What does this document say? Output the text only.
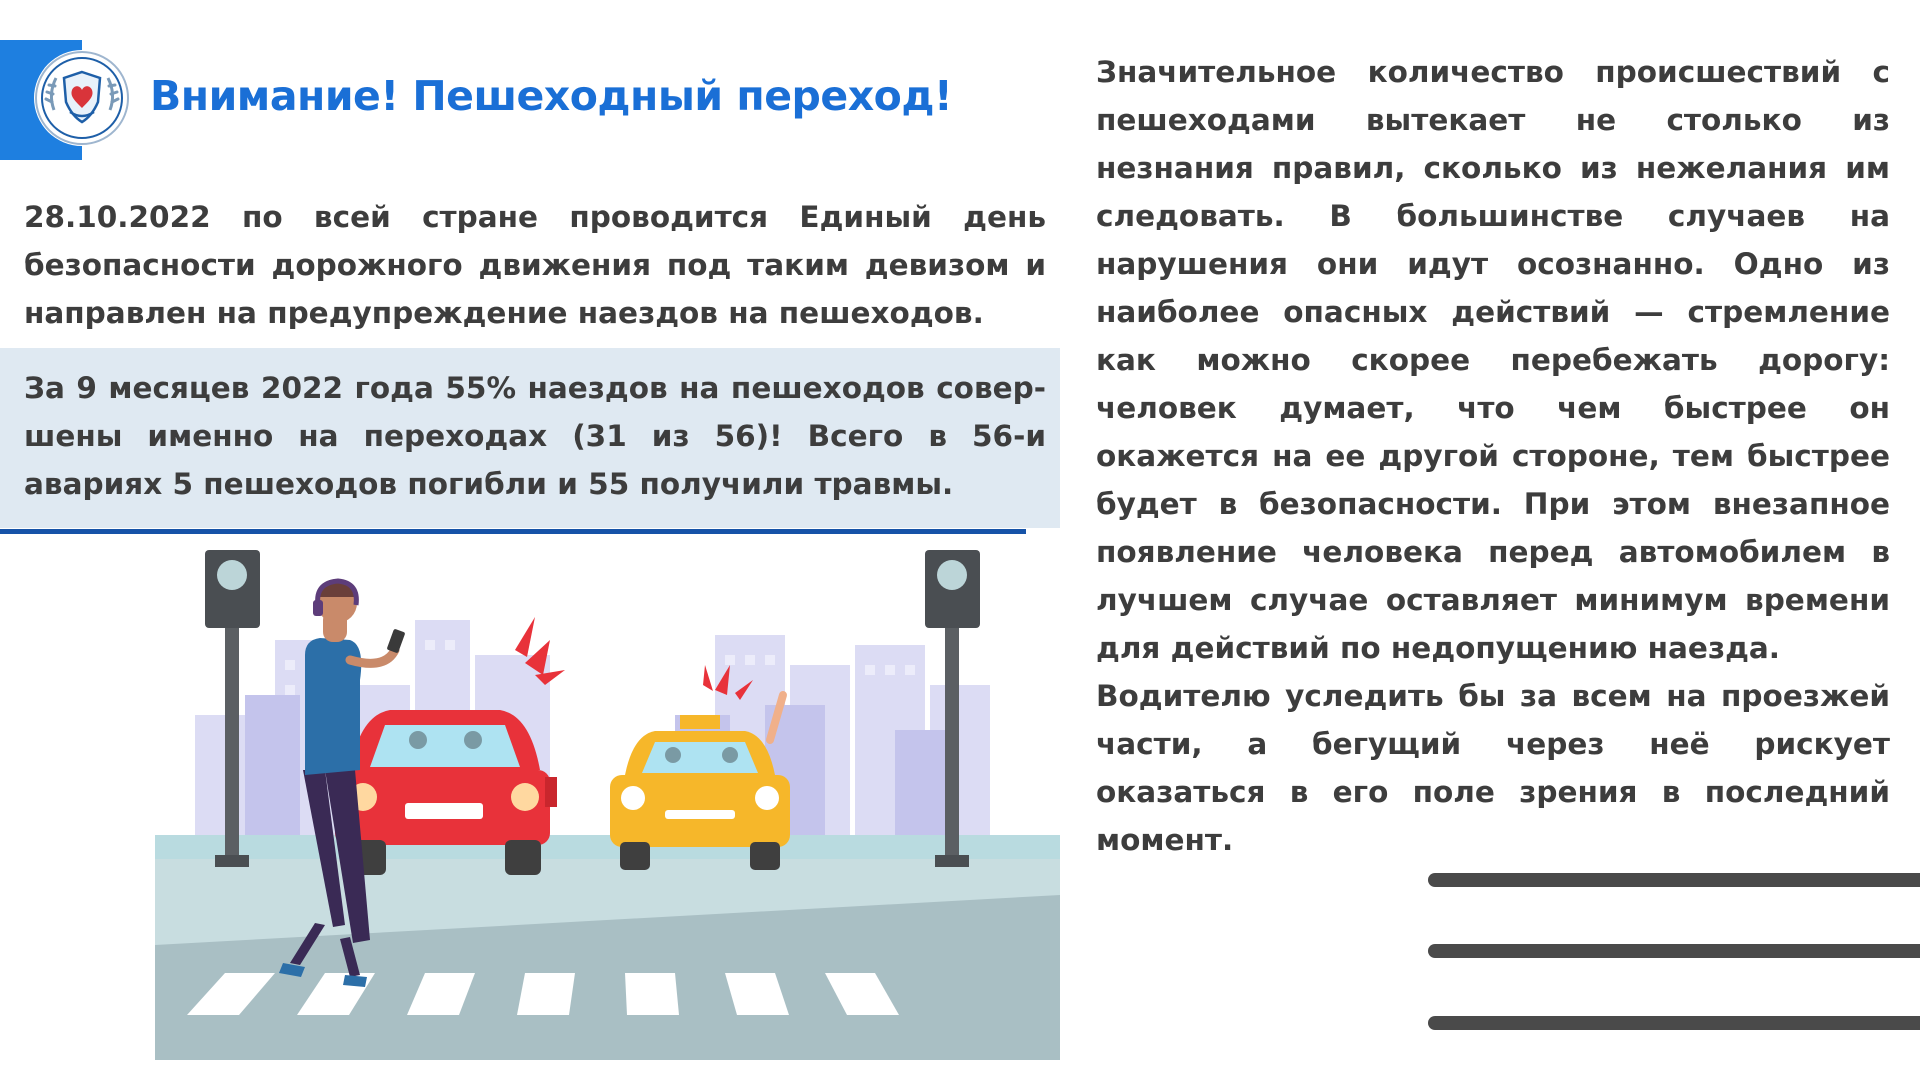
Внимание! Пешеходный переход!

28.10.2022 по всей стране проводится Единый день безопасности дорожного движения под таким девизом и направлен на предупреждение наездов на пешеходов.

За 9 месяцев 2022 года 55% наездов на пешеходов совер- шены именно на переходах (31 из 56)! Всего в 56-и авариях 5 пешеходов погибли и 55 получили травмы.

Значительное количество происшествий с пешеходами вытекает не столько из незнания правил, сколько из нежелания им следовать. В большинстве случаев на нарушения они идут осознанно. Одно из наиболее опасных действий — стремление как можно скорее перебежать дорогу: человек думает, что чем быстрее он окажется на ее другой стороне, тем быстрее будет в безопасности. При этом внезапное появление человека перед автомобилем в лучшем случае оставляет минимум времени для действий по недопущению наезда.

Водителю уследить бы за всем на проезжей части, а бегущий через неё рискует оказаться в его поле зрения в последний момент.
